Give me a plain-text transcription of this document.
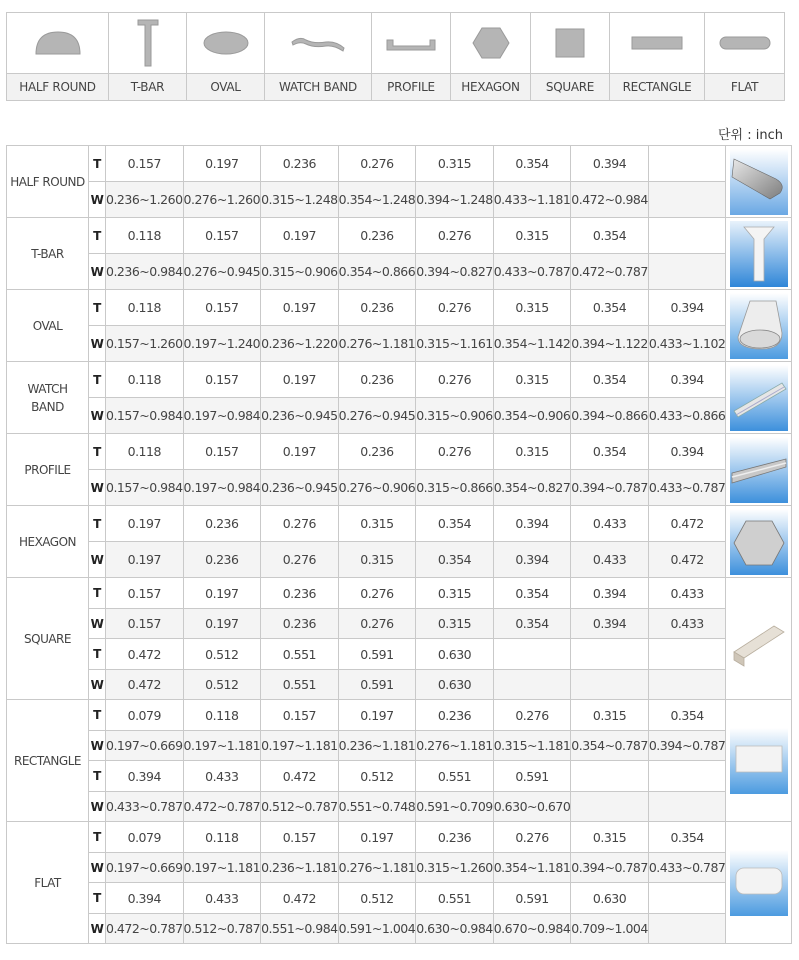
HALF ROUND	T-BAR	OVAL	WATCH BAND	PROFILE	HEXAGON	SQUARE	RECTANGLE	FLAT
단위 : inch
HALF ROUND	T	0.157	0.197	0.236	0.276	0.315	0.354	0.394		

	W	0.236~1.260	0.276~1.260	0.315~1.248	0.354~1.248	0.394~1.248	0.433~1.181	0.472~0.984		
T-BAR	T	0.118	0.157	0.197	0.236	0.276	0.315	0.354		

	W	0.236~0.984	0.276~0.945	0.315~0.906	0.354~0.866	0.394~0.827	0.433~0.787	0.472~0.787		
OVAL	T	0.118	0.157	0.197	0.236	0.276	0.315	0.354	0.394	

	W	0.157~1.260	0.197~1.240	0.236~1.220	0.276~1.181	0.315~1.161	0.354~1.142	0.394~1.122	0.433~1.102	

WATCH
BAND	T	0.118	0.157	0.197	0.236	0.276	0.315	0.354	0.394	

	W	0.157~0.984	0.197~0.984	0.236~0.945	0.276~0.945	0.315~0.906	0.354~0.906	0.394~0.866	0.433~0.866	
PROFILE	T	0.118	0.157	0.197	0.236	0.276	0.315	0.354	0.394	

	W	0.157~0.984	0.197~0.984	0.236~0.945	0.276~0.906	0.315~0.866	0.354~0.827	0.394~0.787	0.433~0.787	
HEXAGON	T	0.197	0.236	0.276	0.315	0.354	0.394	0.433	0.472	

	W	0.197	0.236	0.276	0.315	0.354	0.394	0.433	0.472	
SQUARE	T	0.157	0.197	0.236	0.276	0.315	0.354	0.394	0.433	

	W	0.157	0.197	0.236	0.276	0.315	0.354	0.394	0.433	
	T	0.472	0.512	0.551	0.591	0.630				
	W	0.472	0.512	0.551	0.591	0.630				
RECTANGLE	T	0.079	0.118	0.157	0.197	0.236	0.276	0.315	0.354	

	W	0.197~0.669	0.197~1.181	0.197~1.181	0.236~1.181	0.276~1.181	0.315~1.181	0.354~0.787	0.394~0.787	
	T	0.394	0.433	0.472	0.512	0.551	0.591			
	W	0.433~0.787	0.472~0.787	0.512~0.787	0.551~0.748	0.591~0.709	0.630~0.670			
FLAT	T	0.079	0.118	0.157	0.197	0.236	0.276	0.315	0.354	

	W	0.197~0.669	0.197~1.181	0.236~1.181	0.276~1.181	0.315~1.260	0.354~1.181	0.394~0.787	0.433~0.787	
	T	0.394	0.433	0.472	0.512	0.551	0.591	0.630		
	W	0.472~0.787	0.512~0.787	0.551~0.984	0.591~1.004	0.630~0.984	0.670~0.984	0.709~1.004		
